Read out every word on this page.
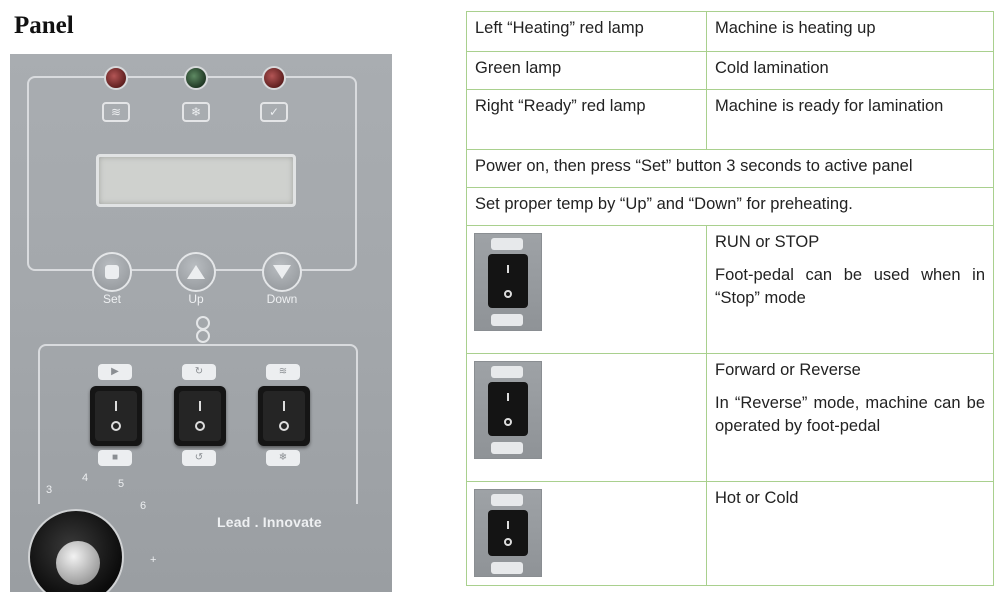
Panel
≋	❄	✓
Set	Up	Down
▶	↻	≋
■	↺	❄
3
4	5
6
+
Lead . Innovate
Left “Heating” red lamp	Machine is heating up
Green lamp	Cold lamination
Right “Ready” red lamp	Machine is ready for lamination
Power on, then press “Set” button 3 seconds to active panel	
Set proper temp by “Up” and “Down” for preheating.	

	RUN or STOP
Foot-pedal can be used when in “Stop” mode

	Forward or Reverse
In “Reverse” mode, machine can be operated by foot-pedal

	Hot or Cold
